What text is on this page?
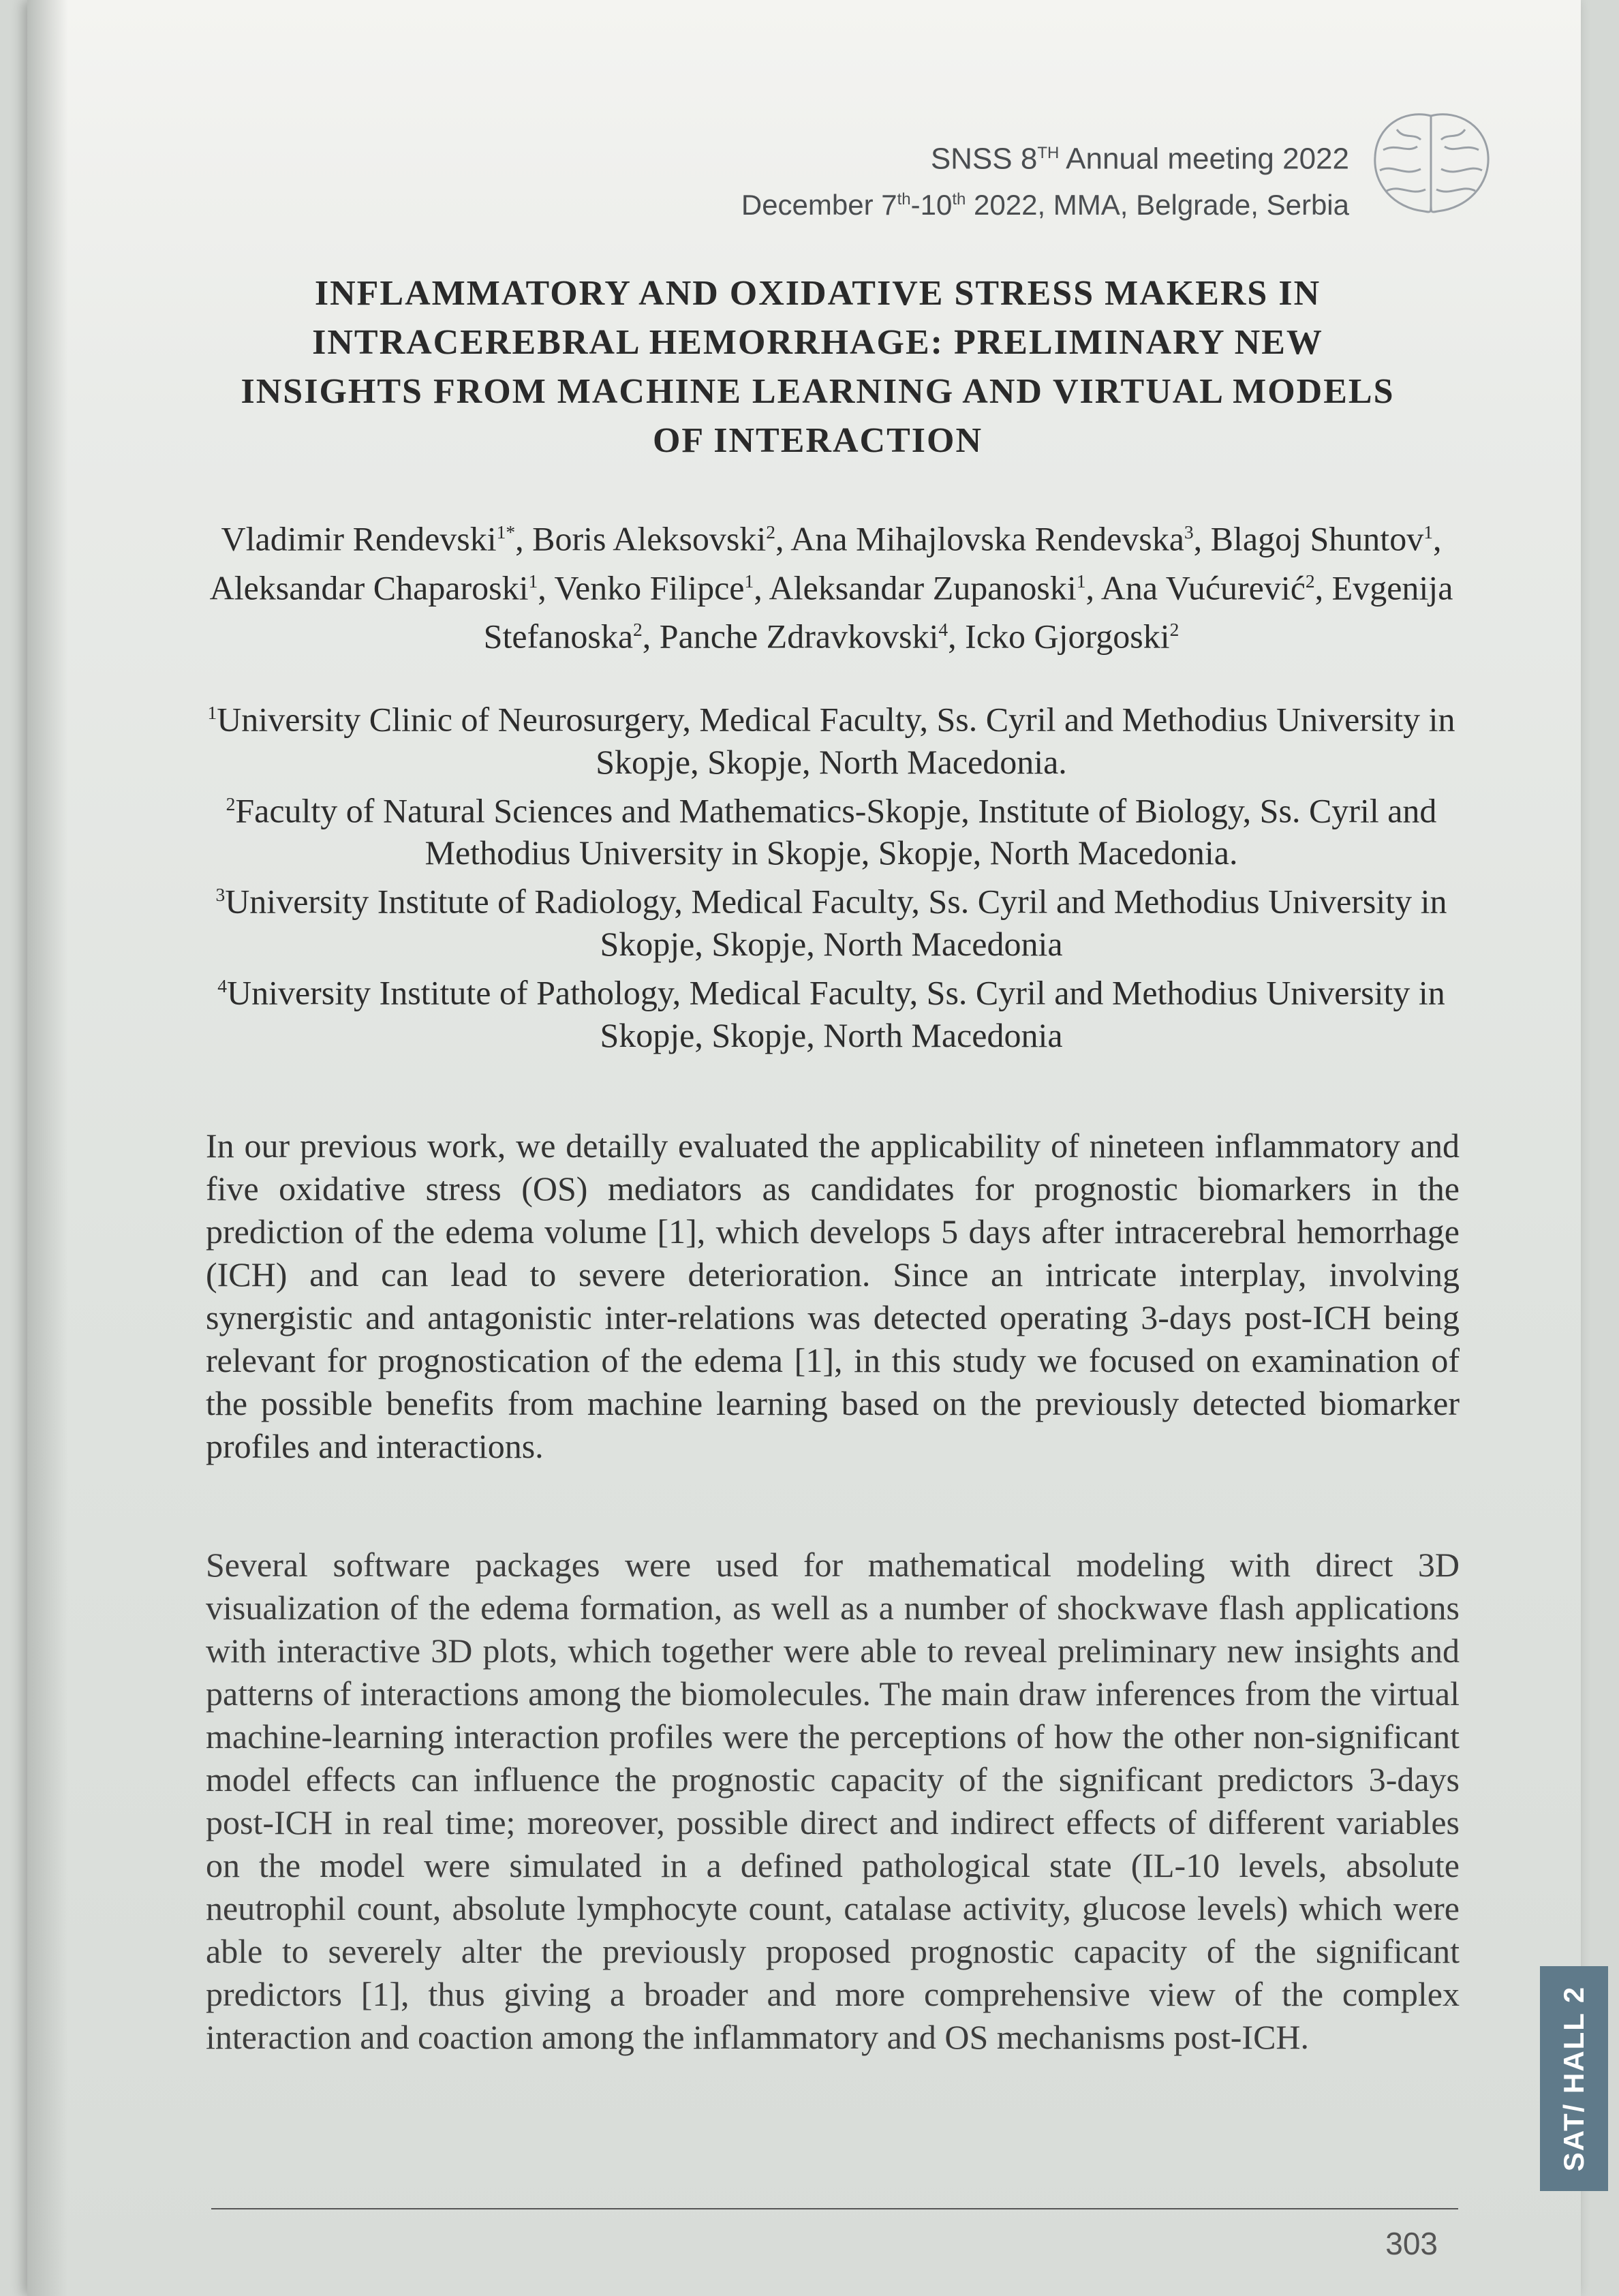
SNSS 8TH Annual meeting 2022
December 7th-10th 2022, MMA, Belgrade, Serbia
INFLAMMATORY AND OXIDATIVE STRESS MAKERS IN INTRACEREBRAL HEMORRHAGE: PRELIMINARY NEW INSIGHTS FROM MACHINE LEARNING AND VIRTUAL MODELS OF INTERACTION
Vladimir Rendevski$^{1*}$, Boris Aleksovski$^2$, Ana Mihajlovska Rendevska$^3$, Blagoj Shuntov$^1$, Aleksandar Chaparoski$^1$, Venko Filipce$^1$, Aleksandar Zupanoski$^1$, Ana Vućurević$^2$, Evgenija Stefanoska$^2$, Panche Zdravkovski$^4$, Icko Gjorgoski$^2$
$^1$University Clinic of Neurosurgery, Medical Faculty, Ss. Cyril and Methodius University in Skopje, Skopje, North Macedonia.
$^2$Faculty of Natural Sciences and Mathematics-Skopje, Institute of Biology, Ss. Cyril and Methodius University in Skopje, Skopje, North Macedonia.
$^3$University Institute of Radiology, Medical Faculty, Ss. Cyril and Methodius University in Skopje, Skopje, North Macedonia
$^4$University Institute of Pathology, Medical Faculty, Ss. Cyril and Methodius University in Skopje, Skopje, North Macedonia
In our previous work, we detailly evaluated the applicability of nineteen inflammatory and five oxidative stress (OS) mediators as candidates for prognostic biomarkers in the prediction of the edema volume [1], which develops 5 days after intracerebral hemorrhage (ICH) and can lead to severe deterioration. Since an intricate interplay, involving synergistic and antagonistic inter-relations was detected operating 3-days post-ICH being relevant for prognostication of the edema [1], in this study we focused on examination of the possible benefits from machine learning based on the previously detected biomarker profiles and interactions.
Several software packages were used for mathematical modeling with direct 3D visualization of the edema formation, as well as a number of shockwave flash applications with interactive 3D plots, which together were able to reveal preliminary new insights and patterns of interactions among the biomolecules. The main draw inferences from the virtual machine-learning interaction profiles were the perceptions of how the other non-significant model effects can influence the prognostic capacity of the significant predictors 3-days post-ICH in real time; moreover, possible direct and indirect effects of different variables on the model were simulated in a defined pathological state (IL-10 levels, absolute neutrophil count, absolute lymphocyte count, catalase activity, glucose levels) which were able to severely alter the previously proposed prognostic capacity of the significant predictors [1], thus giving a broader and more comprehensive view of the complex interaction and coaction among the inflammatory and OS mechanisms post-ICH.	SAT/ HALL 2
303
